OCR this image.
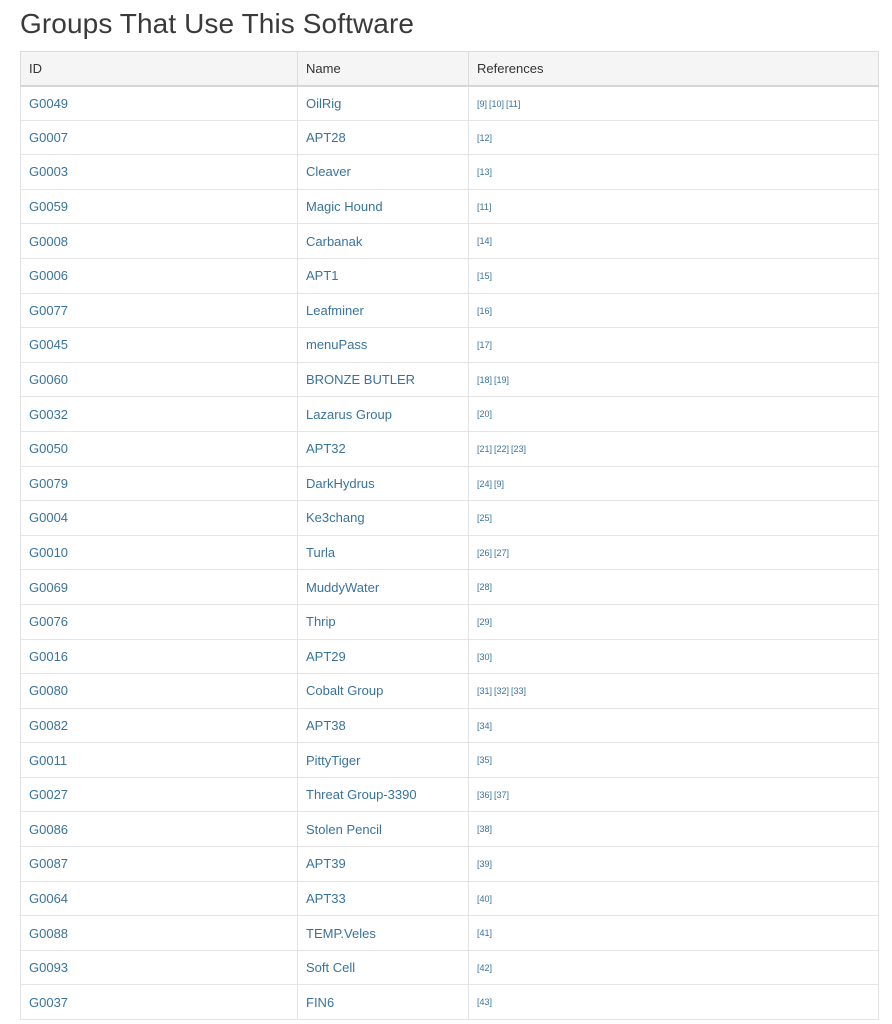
Groups That Use This Software
ID	Name	References
G0049	OilRig	[9] [10] [11]
G0007	APT28	[12]
G0003	Cleaver	[13]
G0059	Magic Hound	[11]
G0008	Carbanak	[14]
G0006	APT1	[15]
G0077	Leafminer	[16]
G0045	menuPass	[17]
G0060	BRONZE BUTLER	[18] [19]
G0032	Lazarus Group	[20]
G0050	APT32	[21] [22] [23]
G0079	DarkHydrus	[24] [9]
G0004	Ke3chang	[25]
G0010	Turla	[26] [27]
G0069	MuddyWater	[28]
G0076	Thrip	[29]
G0016	APT29	[30]
G0080	Cobalt Group	[31] [32] [33]
G0082	APT38	[34]
G0011	PittyTiger	[35]
G0027	Threat Group-3390	[36] [37]
G0086	Stolen Pencil	[38]
G0087	APT39	[39]
G0064	APT33	[40]
G0088	TEMP.Veles	[41]
G0093	Soft Cell	[42]
G0037	FIN6	[43]
